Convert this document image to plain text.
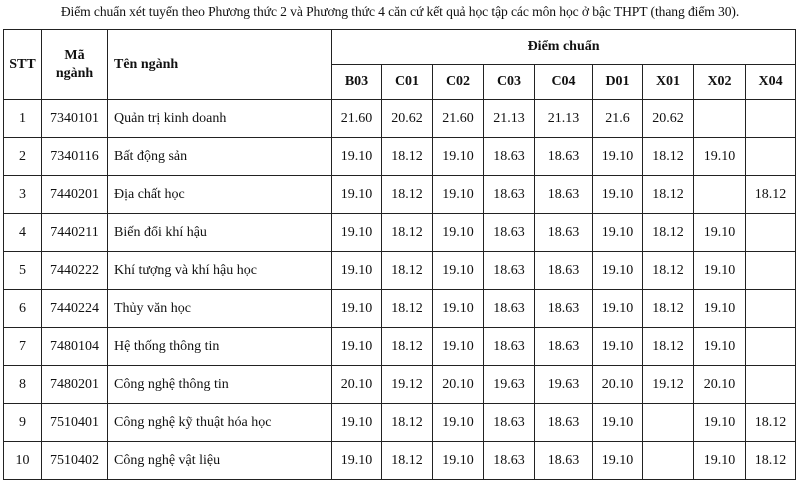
Điểm chuẩn xét tuyển theo Phương thức 2 và Phương thức 4 căn cứ kết quả học tập các môn học ở bậc THPT (thang điểm 30).
STT	Mã
ngành	Tên ngành	Điểm chuẩn								
			B03	C01	C02	C03	C04	D01	X01	X02	X04
1	7340101	Quản trị kinh doanh	21.60	20.62	21.60	21.13	21.13	21.6	20.62		
2	7340116	Bất động sản	19.10	18.12	19.10	18.63	18.63	19.10	18.12	19.10	
3	7440201	Địa chất học	19.10	18.12	19.10	18.63	18.63	19.10	18.12		18.12
4	7440211	Biến đổi khí hậu	19.10	18.12	19.10	18.63	18.63	19.10	18.12	19.10	
5	7440222	Khí tượng và khí hậu học	19.10	18.12	19.10	18.63	18.63	19.10	18.12	19.10	
6	7440224	Thủy văn học	19.10	18.12	19.10	18.63	18.63	19.10	18.12	19.10	
7	7480104	Hệ thống thông tin	19.10	18.12	19.10	18.63	18.63	19.10	18.12	19.10	
8	7480201	Công nghệ thông tin	20.10	19.12	20.10	19.63	19.63	20.10	19.12	20.10	
9	7510401	Công nghệ kỹ thuật hóa học	19.10	18.12	19.10	18.63	18.63	19.10		19.10	18.12
10	7510402	Công nghệ vật liệu	19.10	18.12	19.10	18.63	18.63	19.10		19.10	18.12
